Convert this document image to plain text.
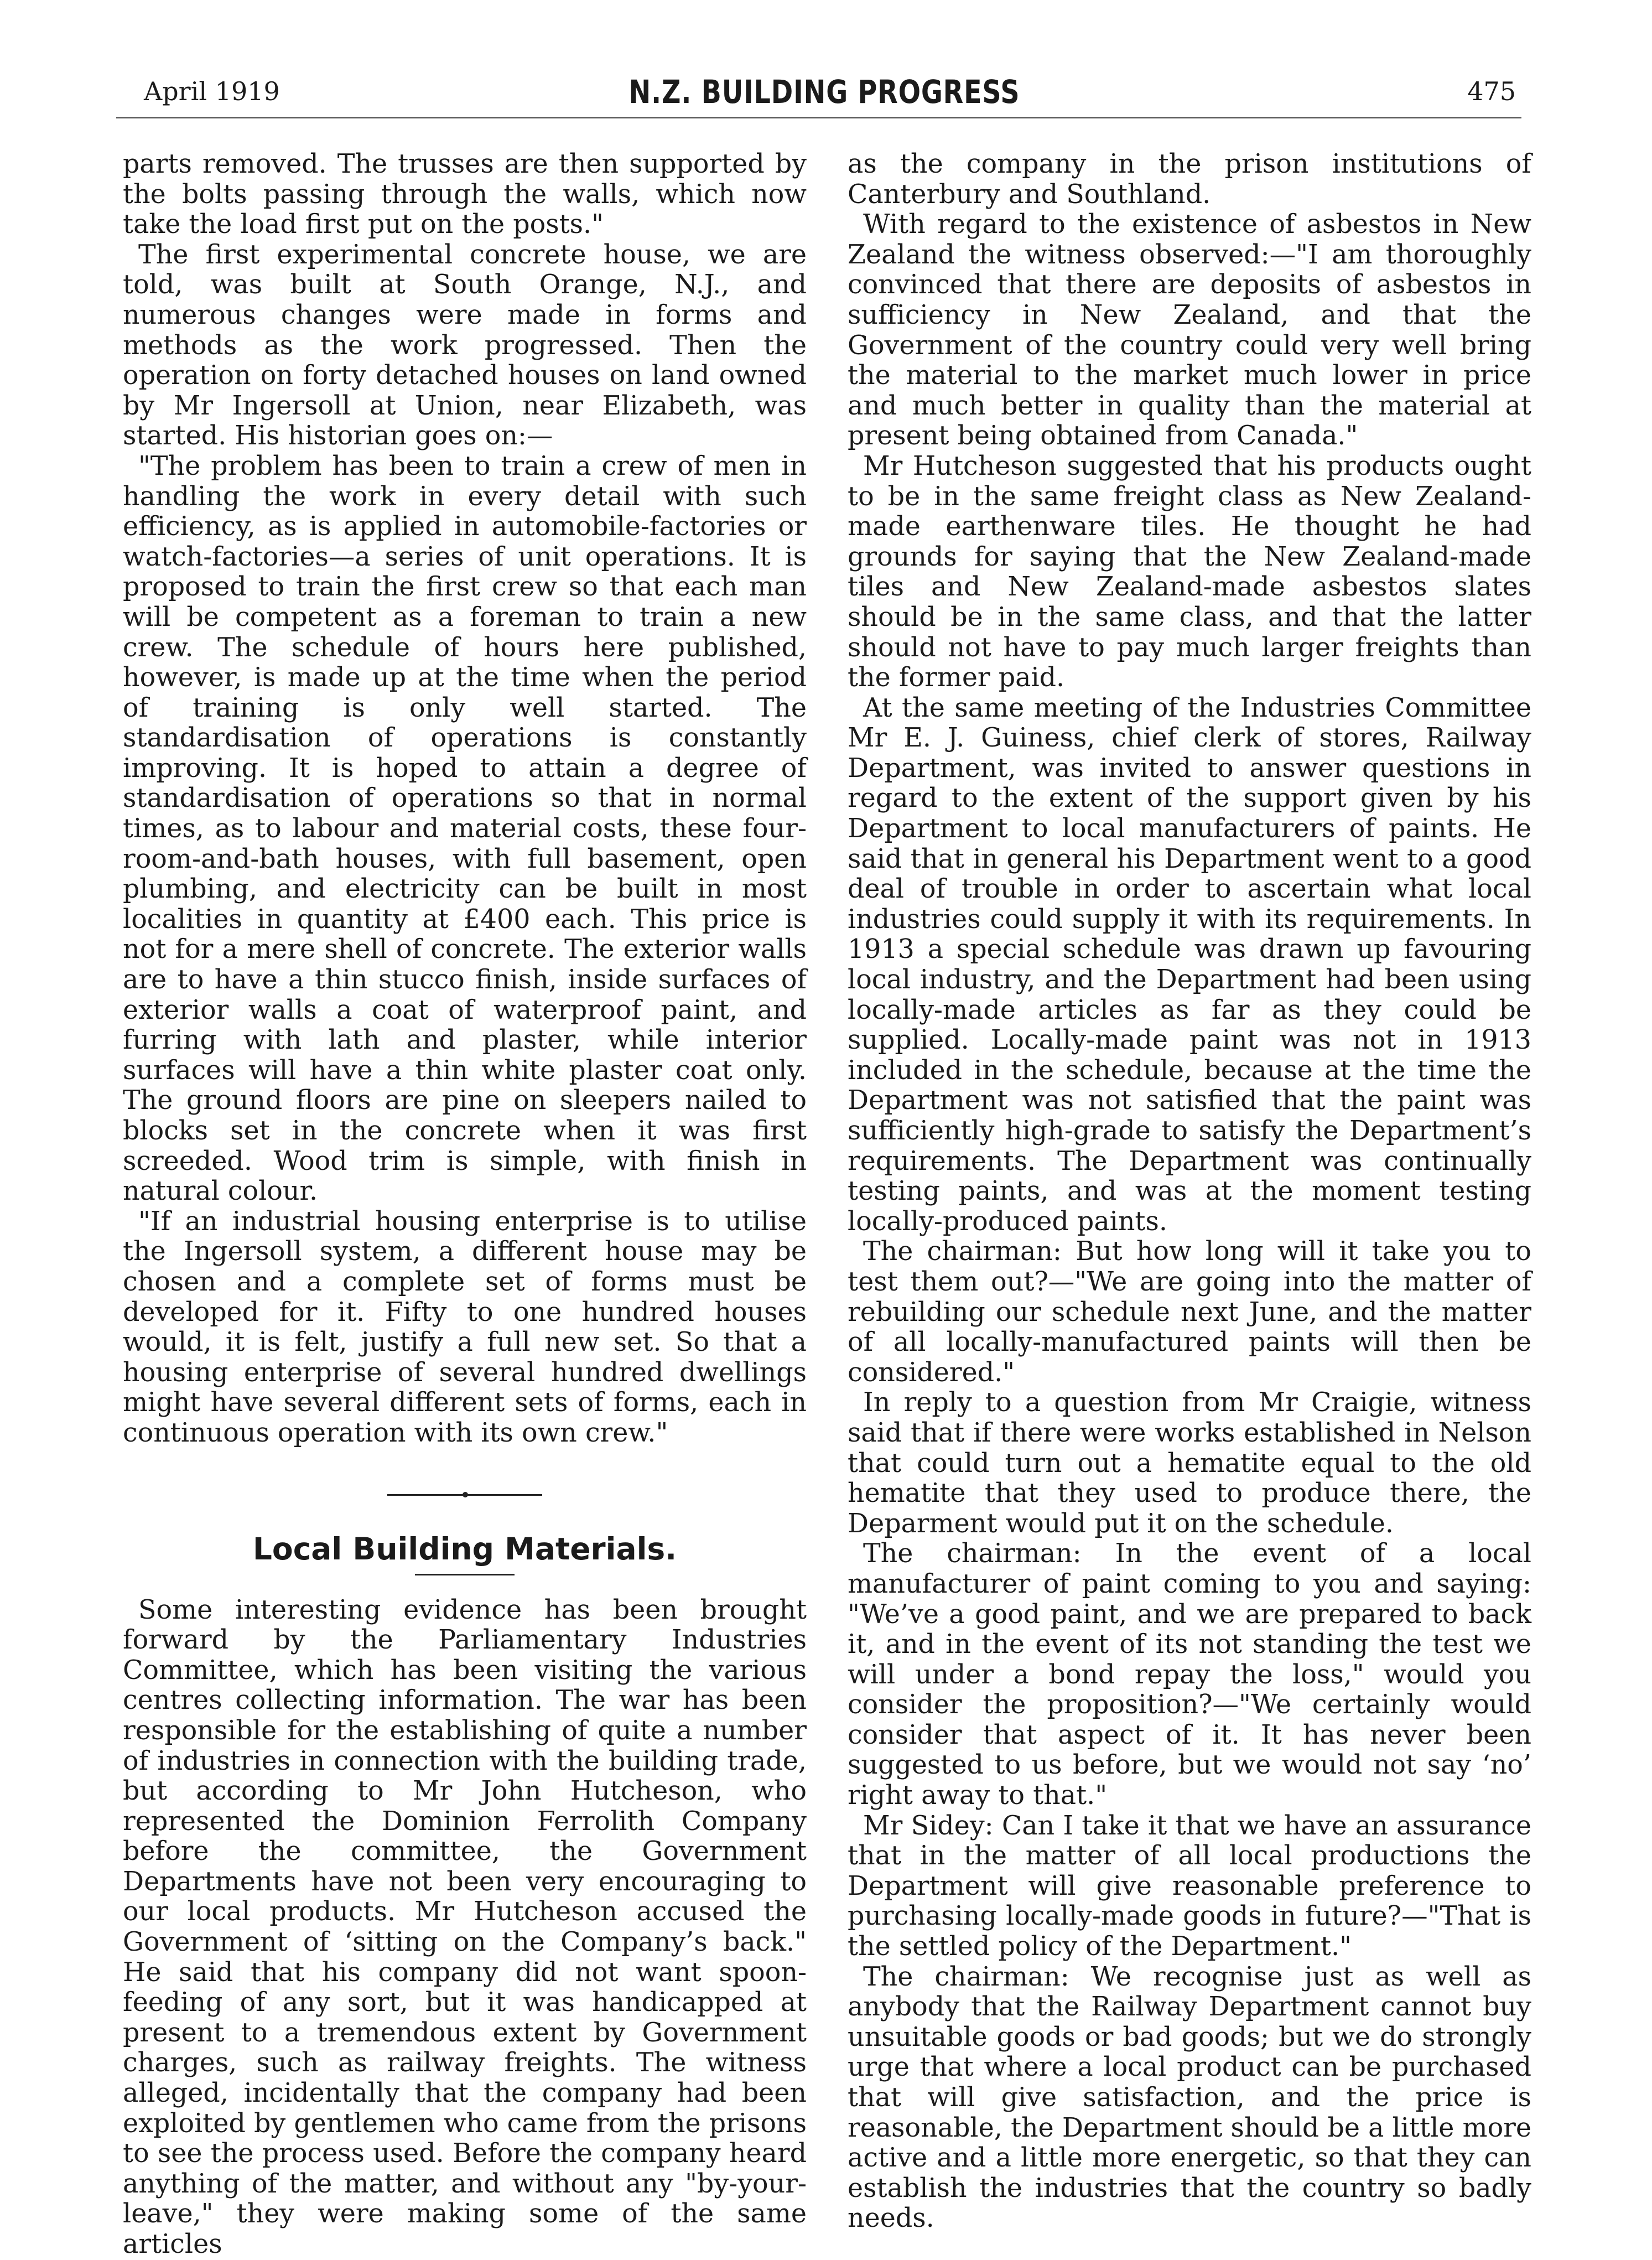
April 1919	N.Z. BUILDING PROGRESS	475

parts removed. The trusses are then supported by the bolts passing through the walls, which now take the load first put on the posts."

The first experimental concrete house, we are told, was built at South Orange, N.J., and numerous changes were made in forms and methods as the work progressed. Then the operation on forty detached houses on land owned by Mr Ingersoll at Union, near Elizabeth, was started. His historian goes on:—

"The problem has been to train a crew of men in handling the work in every detail with such efficiency, as is applied in automobile-factories or watch-factories—a series of unit operations. It is proposed to train the first crew so that each man will be competent as a foreman to train a new crew. The schedule of hours here published, however, is made up at the time when the period of training is only well started. The standardisation of operations is constantly improving. It is hoped to attain a degree of standardisation of operations so that in normal times, as to labour and material costs, these four-room-and-bath houses, with full basement, open plumbing, and electricity can be built in most localities in quantity at £400 each. This price is not for a mere shell of concrete. The exterior walls are to have a thin stucco finish, inside surfaces of exterior walls a coat of waterproof paint, and furring with lath and plaster, while interior surfaces will have a thin white plaster coat only. The ground floors are pine on sleepers nailed to blocks set in the concrete when it was first screeded. Wood trim is simple, with finish in natural colour.

"If an industrial housing enterprise is to utilise the Ingersoll system, a different house may be chosen and a complete set of forms must be developed for it. Fifty to one hundred houses would, it is felt, justify a full new set. So that a housing enterprise of several hundred dwellings might have several different sets of forms, each in continuous operation with its own crew."

Local Building Materials.

Some interesting evidence has been brought forward by the Parliamentary Industries Committee, which has been visiting the various centres collecting information. The war has been responsible for the establishing of quite a number of industries in connection with the building trade, but according to Mr John Hutcheson, who represented the Dominion Ferrolith Company before the committee, the Government Departments have not been very encouraging to our local products. Mr Hutcheson accused the Government of ‘sitting on the Company’s back." He said that his company did not want spoon-feeding of any sort, but it was handicapped at present to a tremendous extent by Government charges, such as railway freights. The witness alleged, incidentally that the company had been exploited by gentlemen who came from the prisons to see the process used. Before the company heard anything of the matter, and without any "by-your-leave," they were making some of the same articles

as the company in the prison institutions of Canterbury and Southland.

With regard to the existence of asbestos in New Zealand the witness observed:—"I am thoroughly convinced that there are deposits of asbestos in sufficiency in New Zealand, and that the Government of the country could very well bring the material to the market much lower in price and much better in quality than the material at present being obtained from Canada."

Mr Hutcheson suggested that his products ought to be in the same freight class as New Zealand-made earthenware tiles. He thought he had grounds for saying that the New Zealand-made tiles and New Zealand-made asbestos slates should be in the same class, and that the latter should not have to pay much larger freights than the former paid.

At the same meeting of the Industries Committee Mr E. J. Guiness, chief clerk of stores, Railway Department, was invited to answer questions in regard to the extent of the support given by his Department to local manufacturers of paints. He said that in general his Department went to a good deal of trouble in order to ascertain what local industries could supply it with its requirements. In 1913 a special schedule was drawn up favouring local industry, and the Department had been using locally-made articles as far as they could be supplied. Locally-made paint was not in 1913 included in the schedule, because at the time the Department was not satisfied that the paint was sufficiently high-grade to satisfy the Department’s requirements. The Department was continually testing paints, and was at the moment testing locally-produced paints.

The chairman: But how long will it take you to test them out?—"We are going into the matter of rebuilding our schedule next June, and the matter of all locally-manufactured paints will then be considered."

In reply to a question from Mr Craigie, witness said that if there were works established in Nelson that could turn out a hematite equal to the old hematite that they used to produce there, the Deparment would put it on the schedule.

The chairman: In the event of a local manufacturer of paint coming to you and saying: "We’ve a good paint, and we are prepared to back it, and in the event of its not standing the test we will under a bond repay the loss," would you consider the proposition?—"We certainly would consider that aspect of it. It has never been suggested to us before, but we would not say ‘no’ right away to that."

Mr Sidey: Can I take it that we have an assurance that in the matter of all local productions the Department will give reasonable preference to purchasing locally-made goods in future?—"That is the settled policy of the Department."

The chairman: We recognise just as well as anybody that the Railway Department cannot buy unsuitable goods or bad goods; but we do strongly urge that where a local product can be purchased that will give satisfaction, and the price is reasonable, the Department should be a little more active and a little more energetic, so that they can establish the industries that the country so badly needs.
